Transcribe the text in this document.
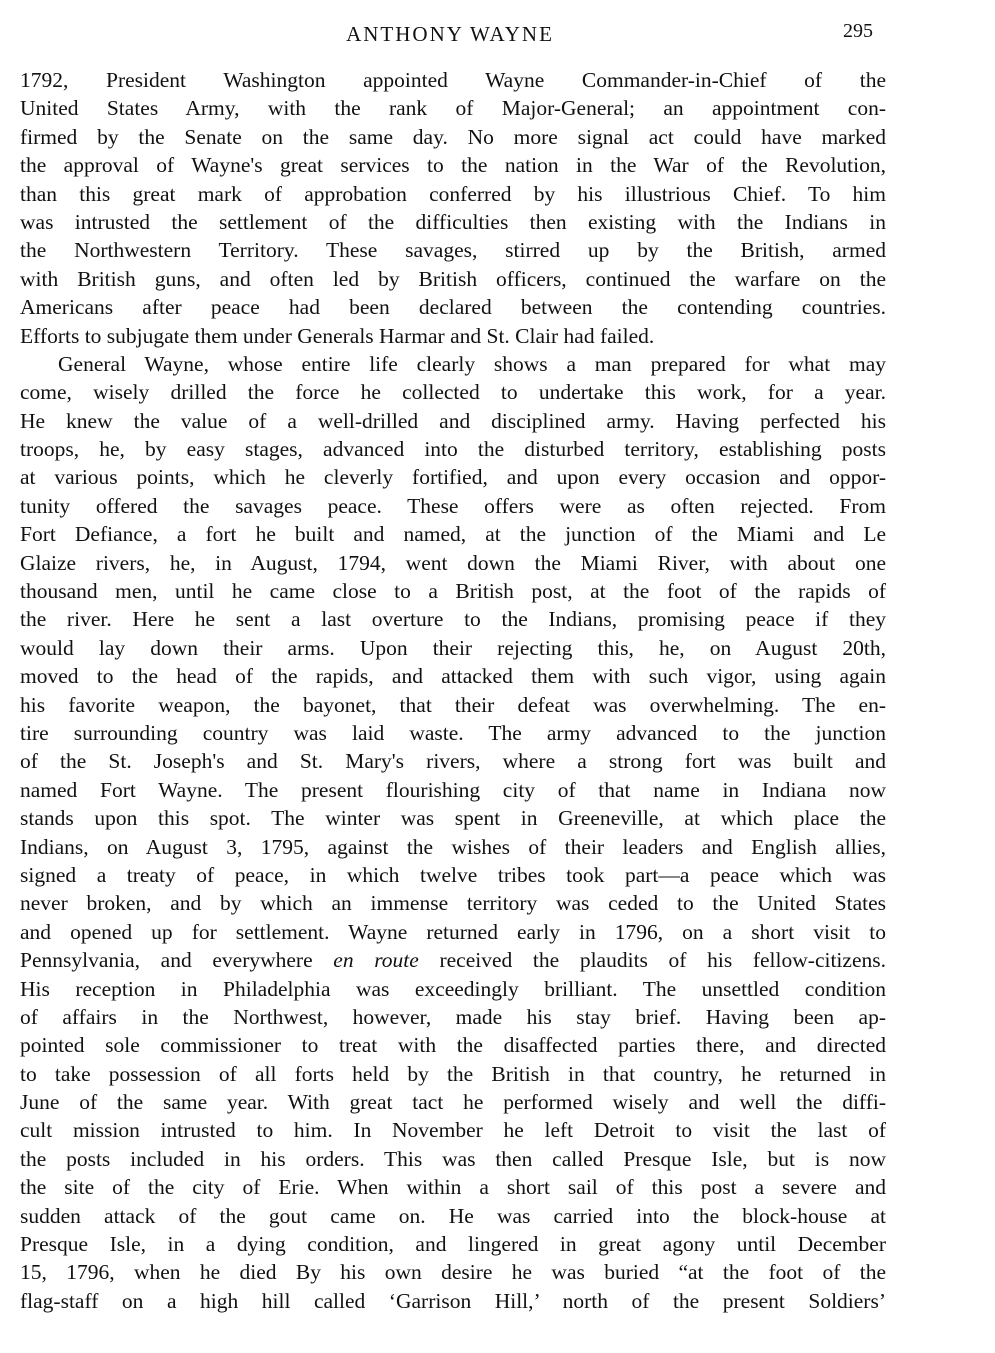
ANTHONY WAYNE	295
1792, President Washington appointed Wayne Commander-in-Chief of the
United States Army, with the rank of Major-General; an appointment con-
firmed by the Senate on the same day. No more signal act could have marked
the approval of Wayne's great services to the nation in the War of the Revolution,
than this great mark of approbation conferred by his illustrious Chief. To him
was intrusted the settlement of the difficulties then existing with the Indians in
the Northwestern Territory. These savages, stirred up by the British, armed
with British guns, and often led by British officers, continued the warfare on the
Americans after peace had been declared between the contending countries.
Efforts to subjugate them under Generals Harmar and St. Clair had failed.
General Wayne, whose entire life clearly shows a man prepared for what may
come, wisely drilled the force he collected to undertake this work, for a year.
He knew the value of a well-drilled and disciplined army. Having perfected his
troops, he, by easy stages, advanced into the disturbed territory, establishing posts
at various points, which he cleverly fortified, and upon every occasion and oppor-
tunity offered the savages peace. These offers were as often rejected. From
Fort Defiance, a fort he built and named, at the junction of the Miami and Le
Glaize rivers, he, in August, 1794, went down the Miami River, with about one
thousand men, until he came close to a British post, at the foot of the rapids of
the river. Here he sent a last overture to the Indians, promising peace if they
would lay down their arms. Upon their rejecting this, he, on August 20th,
moved to the head of the rapids, and attacked them with such vigor, using again
his favorite weapon, the bayonet, that their defeat was overwhelming. The en-
tire surrounding country was laid waste. The army advanced to the junction
of the St. Joseph's and St. Mary's rivers, where a strong fort was built and
named Fort Wayne. The present flourishing city of that name in Indiana now
stands upon this spot. The winter was spent in Greeneville, at which place the
Indians, on August 3, 1795, against the wishes of their leaders and English allies,
signed a treaty of peace, in which twelve tribes took part—a peace which was
never broken, and by which an immense territory was ceded to the United States
and opened up for settlement. Wayne returned early in 1796, on a short visit to
Pennsylvania, and everywhere en route received the plaudits of his fellow-citizens.
His reception in Philadelphia was exceedingly brilliant. The unsettled condition
of affairs in the Northwest, however, made his stay brief. Having been ap-
pointed sole commissioner to treat with the disaffected parties there, and directed
to take possession of all forts held by the British in that country, he returned in
June of the same year. With great tact he performed wisely and well the diffi-
cult mission intrusted to him. In November he left Detroit to visit the last of
the posts included in his orders. This was then called Presque Isle, but is now
the site of the city of Erie. When within a short sail of this post a severe and
sudden attack of the gout came on. He was carried into the block-house at
Presque Isle, in a dying condition, and lingered in great agony until December
15, 1796, when he died By his own desire he was buried “at the foot of the
flag-staff on a high hill called ‘Garrison Hill,’ north of the present Soldiers’
